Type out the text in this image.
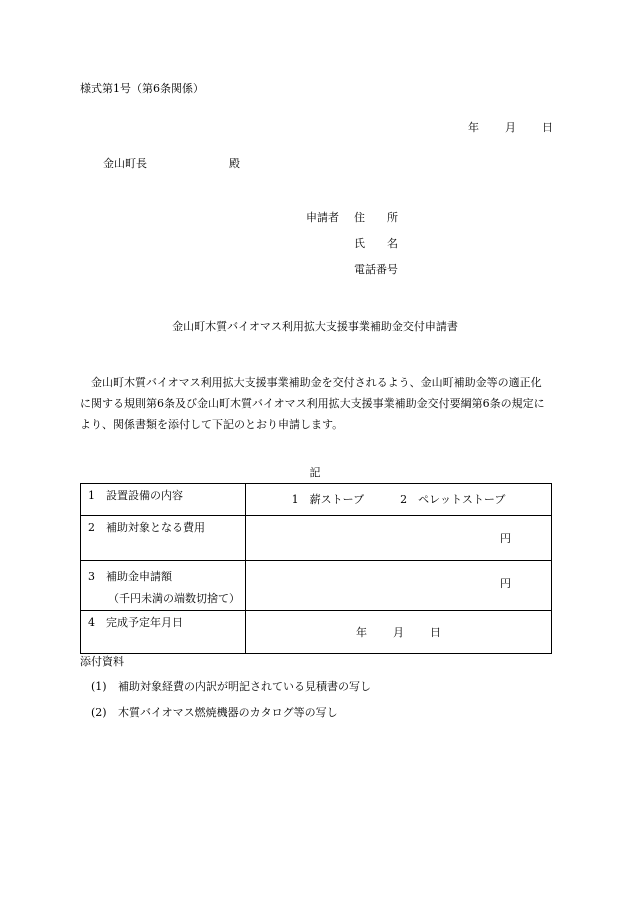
様式第1号（第6条関係）
年 月 日
金山町長	殿
申請者	住　　所
氏　　名
電話番号
金山町木質バイオマス利用拡大支援事業補助金交付申請書
金山町木質バイオマス利用拡大支援事業補助金を交付されるよう、金山町補助金等の適正化に関する規則第6条及び金山町木質バイオマス利用拡大支援事業補助金交付要綱第6条の規定により、関係書類を添付して下記のとおり申請します。
記
1　設置設備の内容	1　薪ストーブ 2　ペレットストーブ

2　補助対象となる費用	円

3　補助金申請額
（千円未満の端数切捨て）	円

4　完成予定年月日	年 月 日
添付資料
(1) 補助対象経費の内訳が明記されている見積書の写し
(2) 木質バイオマス燃焼機器のカタログ等の写し
